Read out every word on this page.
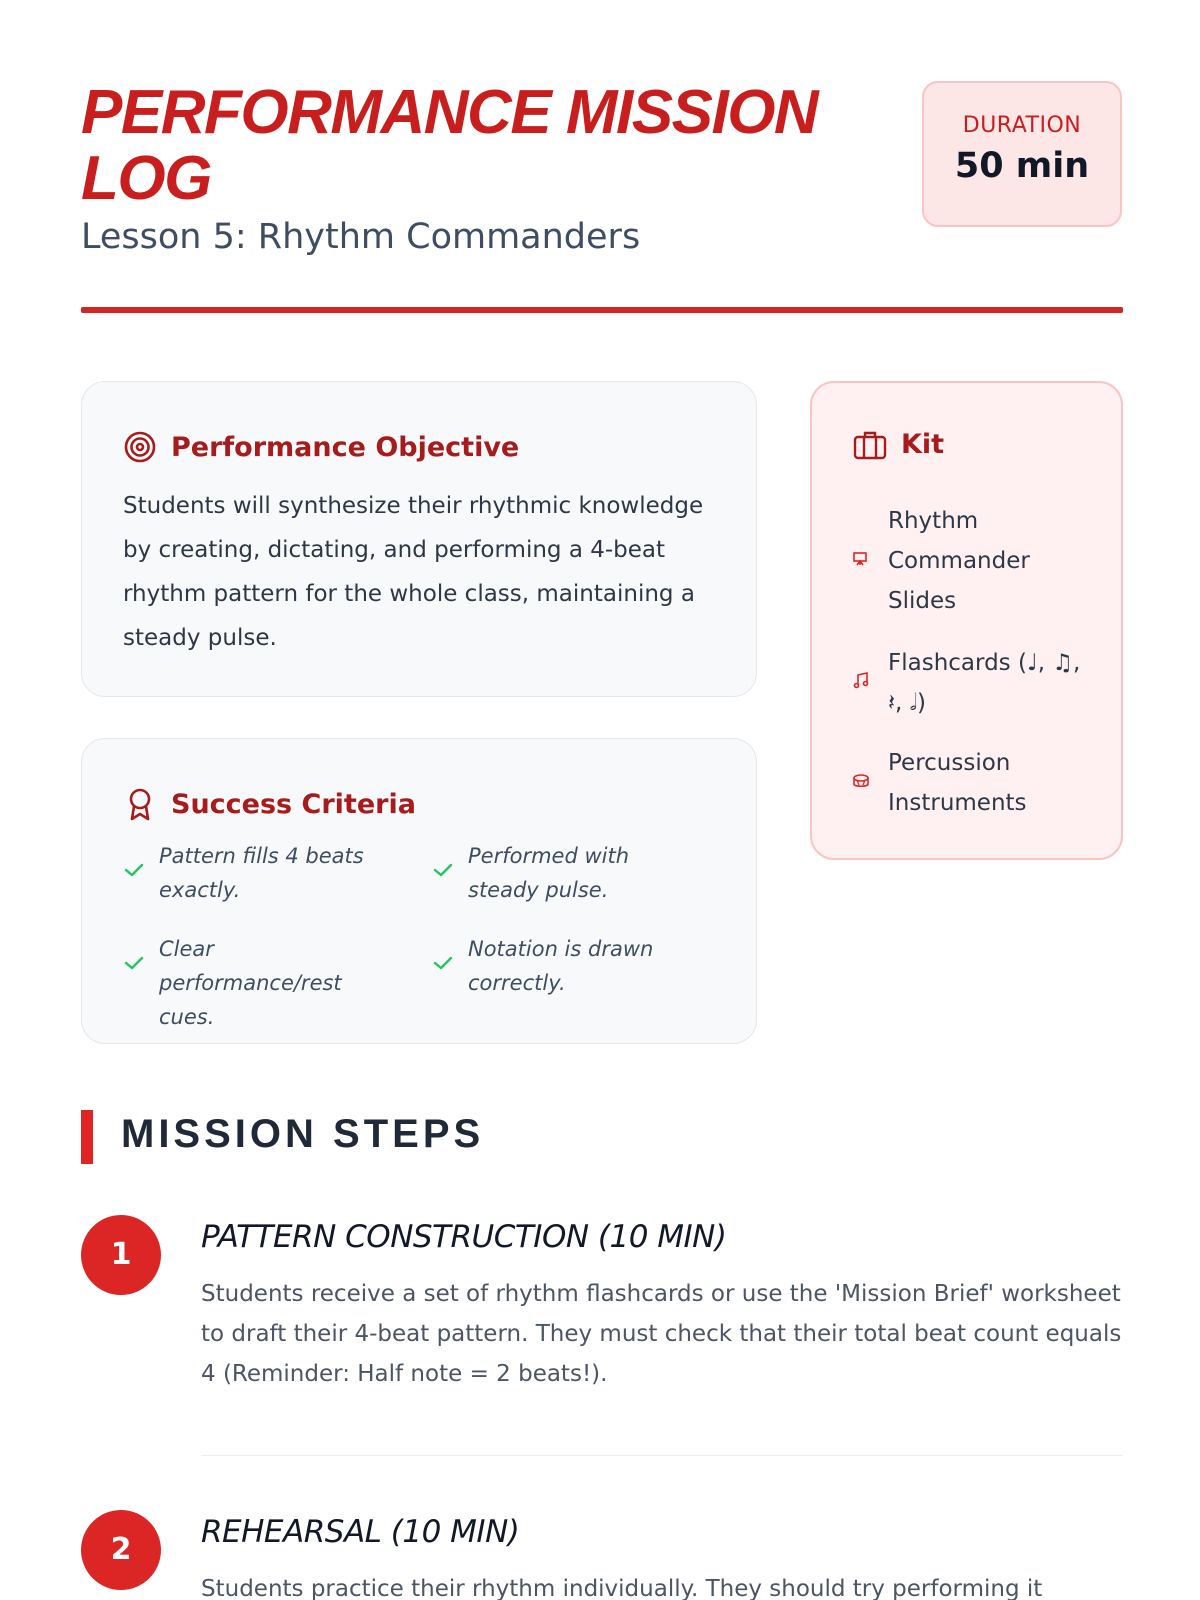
PERFORMANCE MISSION LOG
Lesson 5: Rhythm Commanders
DURATION
50 min
Performance Objective

Students will synthesize their rhythmic knowledge by creating, dictating, and performing a 4-beat rhythm pattern for the whole class, maintaining a steady pulse.

Success Criteria
Pattern fills 4 beats exactly.
Performed with steady pulse.
Clear performance/rest cues.
Notation is drawn correctly.
Kit
Rhythm Commander Slides
Flashcards (♩, ♫, 𝄽, 𝅗𝅥)
Percussion Instruments
MISSION STEPS
1	PATTERN CONSTRUCTION (10 MIN)

Students receive a set of rhythm flashcards or use the 'Mission Brief' worksheet to draft their 4-beat pattern. They must check that their total beat count equals 4 (Reminder: Half note = 2 beats!).

2	REHEARSAL (10 MIN)

Students practice their rhythm individually. They should try performing it
